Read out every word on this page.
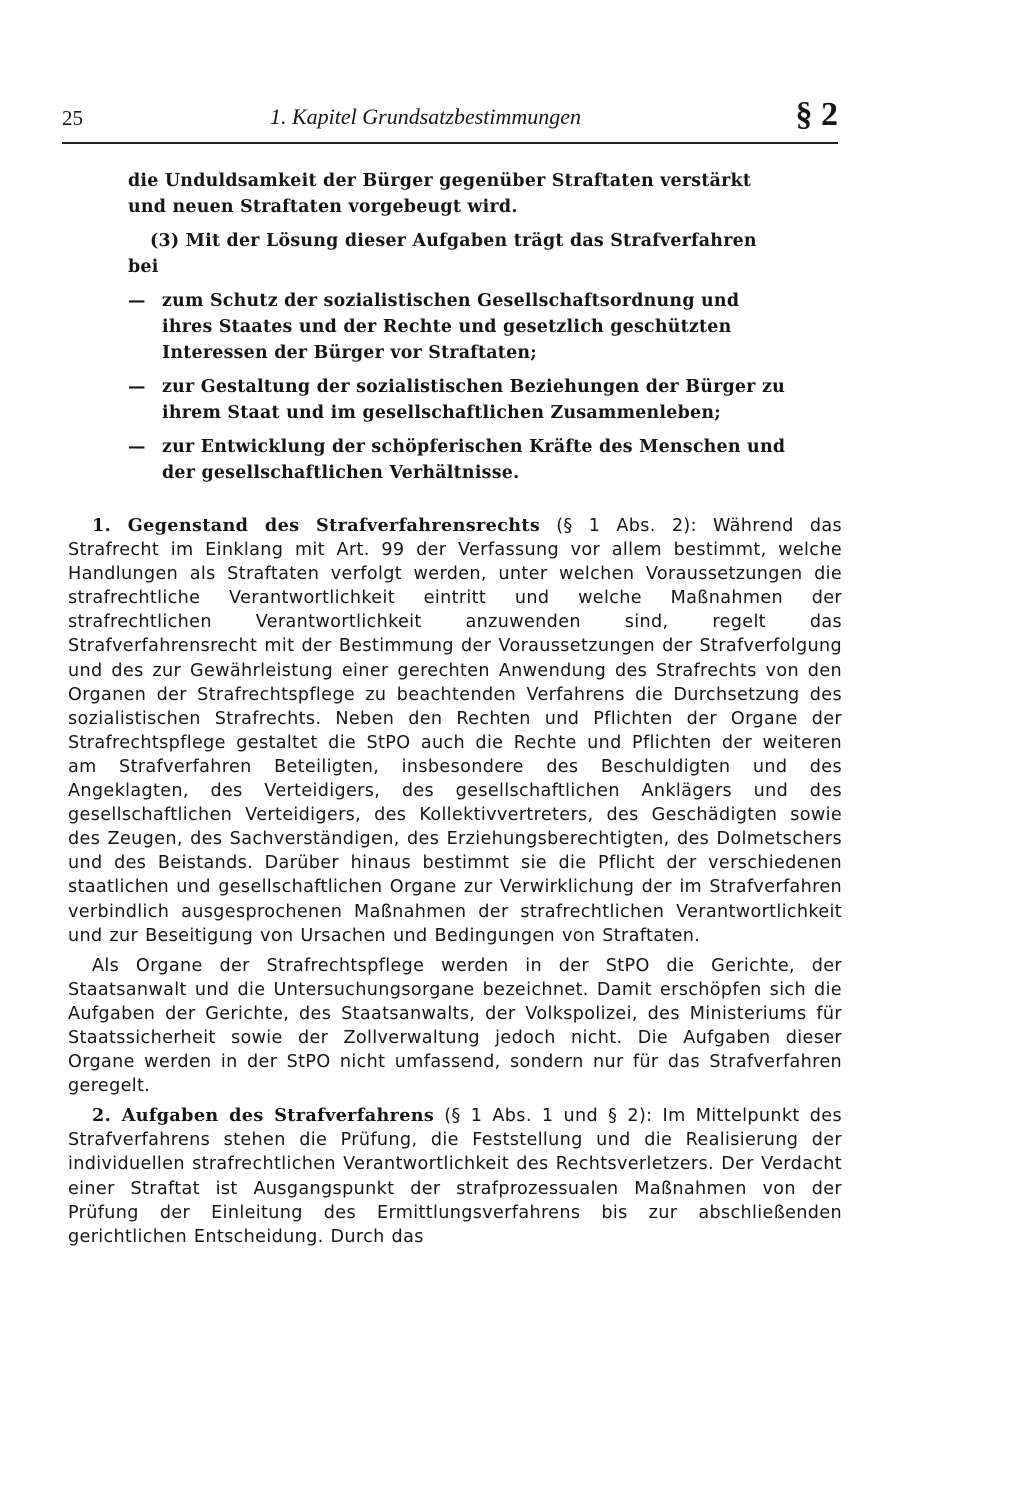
25	1. Kapitel Grundsatzbestimmungen	§ 2

die Unduldsamkeit der Bürger gegenüber Straftaten verstärkt und neuen Straftaten vorgebeugt wird.

(3) Mit der Lösung dieser Aufgaben trägt das Strafverfahren bei

— zum Schutz der sozialistischen Gesellschaftsordnung und ihres Staates und der Rechte und gesetzlich geschützten Interessen der Bürger vor Straftaten;
— zur Gestaltung der sozialistischen Beziehungen der Bürger zu ihrem Staat und im gesellschaftlichen Zusammenleben;
— zur Entwicklung der schöpferischen Kräfte des Menschen und der gesellschaftlichen Verhältnisse.

1. Gegenstand des Strafverfahrensrechts (§ 1 Abs. 2): Während das Strafrecht im Einklang mit Art. 99 der Verfassung vor allem bestimmt, welche Handlungen als Straftaten verfolgt werden, unter welchen Voraussetzungen die strafrechtliche Verantwortlichkeit eintritt und welche Maßnahmen der strafrechtlichen Verantwortlichkeit anzuwenden sind, regelt das Strafverfahrensrecht mit der Bestimmung der Voraussetzungen der Strafverfolgung und des zur Gewährleistung einer gerechten Anwendung des Strafrechts von den Organen der Strafrechtspflege zu beachtenden Verfahrens die Durchsetzung des sozialistischen Strafrechts. Neben den Rechten und Pflichten der Organe der Strafrechtspflege gestaltet die StPO auch die Rechte und Pflichten der weiteren am Strafverfahren Beteiligten, insbesondere des Beschuldigten und des Angeklagten, des Verteidigers, des gesellschaftlichen Anklägers und des gesellschaftlichen Verteidigers, des Kollektivvertreters, des Geschädigten sowie des Zeugen, des Sachverständigen, des Erziehungsberechtigten, des Dolmetschers und des Beistands. Darüber hinaus bestimmt sie die Pflicht der verschiedenen staatlichen und gesellschaftlichen Organe zur Verwirklichung der im Strafverfahren verbindlich ausgesprochenen Maßnahmen der strafrechtlichen Verantwortlichkeit und zur Beseitigung von Ursachen und Bedingungen von Straftaten.

Als Organe der Strafrechtspflege werden in der StPO die Gerichte, der Staatsanwalt und die Untersuchungsorgane bezeichnet. Damit erschöpfen sich die Aufgaben der Gerichte, des Staatsanwalts, der Volkspolizei, des Ministeriums für Staatssicherheit sowie der Zollverwaltung jedoch nicht. Die Aufgaben dieser Organe werden in der StPO nicht umfassend, sondern nur für das Strafverfahren geregelt.

2. Aufgaben des Strafverfahrens (§ 1 Abs. 1 und § 2): Im Mittelpunkt des Strafverfahrens stehen die Prüfung, die Feststellung und die Realisierung der individuellen strafrechtlichen Verantwortlichkeit des Rechtsverletzers. Der Verdacht einer Straftat ist Ausgangspunkt der strafprozessualen Maßnahmen von der Prüfung der Einleitung des Ermittlungsverfahrens bis zur abschließenden gerichtlichen Entscheidung. Durch das
